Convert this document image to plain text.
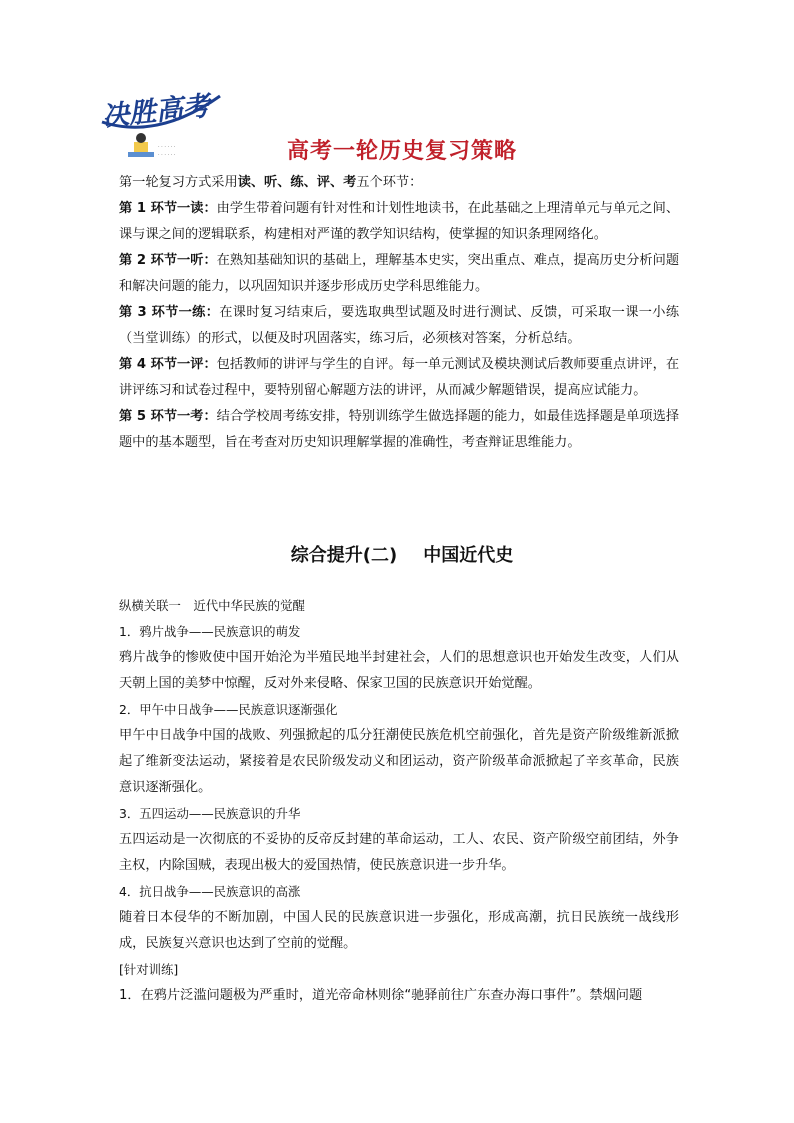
决胜高考
· · · · · ·
· · · · · ·	高考一轮历史复习策略

第一轮复习方式采用读、听、练、评、考五个环节：

第 1 环节一读：由学生带着问题有针对性和计划性地读书，在此基础之上理清单元与单元之间、课与课之间的逻辑联系，构建相对严谨的教学知识结构，使掌握的知识条理网络化。

第 2 环节一听：在熟知基础知识的基础上，理解基本史实，突出重点、难点，提高历史分析问题和解决问题的能力，以巩固知识并逐步形成历史学科思维能力。

第 3 环节一练：在课时复习结束后，要选取典型试题及时进行测试、反馈，可采取一课一小练（当堂训练）的形式，以便及时巩固落实，练习后，必须核对答案，分析总结。

第 4 环节一评：包括教师的讲评与学生的自评。每一单元测试及模块测试后教师要重点讲评，在讲评练习和试卷过程中，要特别留心解题方法的讲评，从而减少解题错误，提高应试能力。

第 5 环节一考：结合学校周考练安排，特别训练学生做选择题的能力，如最佳选择题是单项选择题中的基本题型，旨在考查对历史知识理解掌握的准确性，考查辩证思维能力。

综合提升(二) 中国近代史

纵横关联一　近代中华民族的觉醒

1．鸦片战争——民族意识的萌发

鸦片战争的惨败使中国开始沦为半殖民地半封建社会，人们的思想意识也开始发生改变，人们从天朝上国的美梦中惊醒，反对外来侵略、保家卫国的民族意识开始觉醒。

2．甲午中日战争——民族意识逐渐强化

甲午中日战争中国的战败、列强掀起的瓜分狂潮使民族危机空前强化，首先是资产阶级维新派掀起了维新变法运动，紧接着是农民阶级发动义和团运动，资产阶级革命派掀起了辛亥革命，民族意识逐渐强化。

3．五四运动——民族意识的升华

五四运动是一次彻底的不妥协的反帝反封建的革命运动，工人、农民、资产阶级空前团结，外争主权，内除国贼，表现出极大的爱国热情，使民族意识进一步升华。

4．抗日战争——民族意识的高涨

随着日本侵华的不断加剧，中国人民的民族意识进一步强化，形成高潮，抗日民族统一战线形成，民族复兴意识也达到了空前的觉醒。

[针对训练]

1．在鸦片泛滥问题极为严重时，道光帝命林则徐“驰驿前往广东查办海口事件”。禁烟问题
